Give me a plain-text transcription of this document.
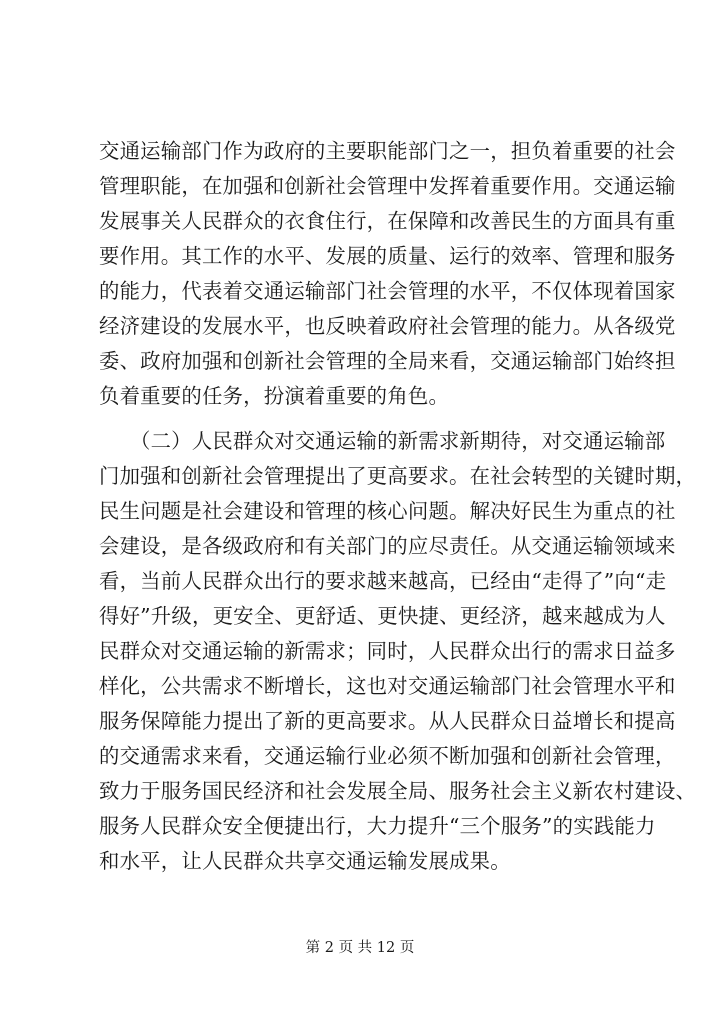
交通运输部门作为政府的主要职能部门之一，担负着重要的社会
管理职能，在加强和创新社会管理中发挥着重要作用。交通运输
发展事关人民群众的衣食住行，在保障和改善民生的方面具有重
要作用。其工作的水平、发展的质量、运行的效率、管理和服务
的能力，代表着交通运输部门社会管理的水平，不仅体现着国家
经济建设的发展水平，也反映着政府社会管理的能力。从各级党
委、政府加强和创新社会管理的全局来看，交通运输部门始终担
负着重要的任务，扮演着重要的角色。
　　（二）人民群众对交通运输的新需求新期待，对交通运输部
门加强和创新社会管理提出了更高要求。在社会转型的关键时期，
民生问题是社会建设和管理的核心问题。解决好民生为重点的社
会建设，是各级政府和有关部门的应尽责任。从交通运输领域来
看，当前人民群众出行的要求越来越高，已经由“走得了”向“走
得好”升级，更安全、更舒适、更快捷、更经济，越来越成为人
民群众对交通运输的新需求；同时，人民群众出行的需求日益多
样化，公共需求不断增长，这也对交通运输部门社会管理水平和
服务保障能力提出了新的更高要求。从人民群众日益增长和提高
的交通需求来看，交通运输行业必须不断加强和创新社会管理，
致力于服务国民经济和社会发展全局、服务社会主义新农村建设、
服务人民群众安全便捷出行，大力提升“三个服务”的实践能力
和水平，让人民群众共享交通运输发展成果。
第 2 页 共 12 页
